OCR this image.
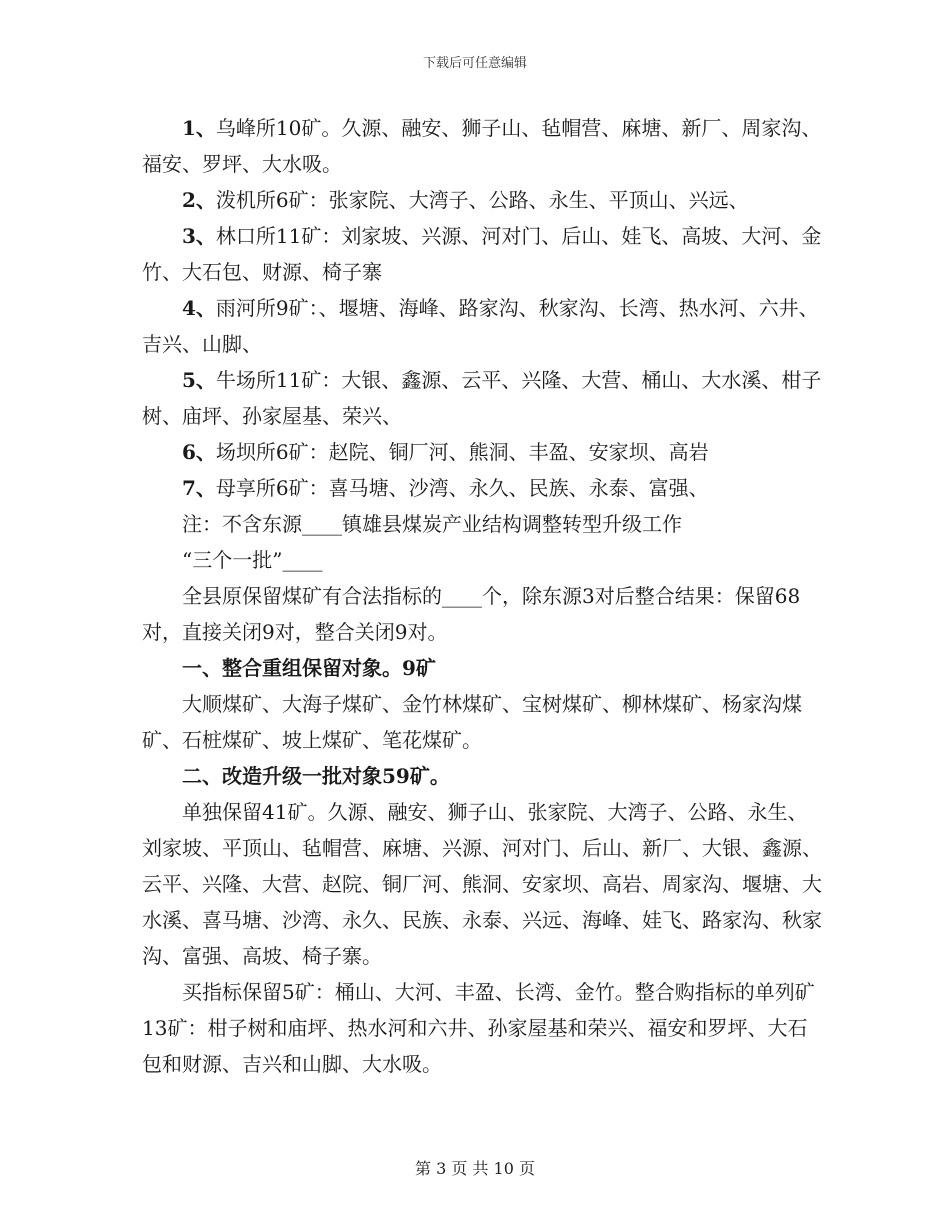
下载后可任意编辑

1、乌峰所10矿。久源、融安、狮子山、毡帽营、麻塘、新厂、周家沟、福安、罗坪、大水吸。

2、泼机所6矿：张家院、大湾子、公路、永生、平顶山、兴远、

3、林口所11矿：刘家坡、兴源、河对门、后山、娃飞、高坡、大河、金竹、大石包、财源、椅子寨

4、雨河所9矿：、堰塘、海峰、路家沟、秋家沟、长湾、热水河、六井、吉兴、山脚、

5、牛场所11矿：大银、鑫源、云平、兴隆、大营、桶山、大水溪、柑子树、庙坪、孙家屋基、荣兴、

6、场坝所6矿：赵院、铜厂河、熊洞、丰盈、安家坝、高岩

7、母享所6矿：喜马塘、沙湾、永久、民族、永泰、富强、

注：不含东源____镇雄县煤炭产业结构调整转型升级工作

“三个一批”____

全县原保留煤矿有合法指标的____个，除东源3对后整合结果：保留68对，直接关闭9对，整合关闭9对。

一、整合重组保留对象。9矿

大顺煤矿、大海子煤矿、金竹林煤矿、宝树煤矿、柳林煤矿、杨家沟煤矿、石桩煤矿、坡上煤矿、笔花煤矿。

二、改造升级一批对象59矿。

单独保留41矿。久源、融安、狮子山、张家院、大湾子、公路、永生、刘家坡、平顶山、毡帽营、麻塘、兴源、河对门、后山、新厂、大银、鑫源、云平、兴隆、大营、赵院、铜厂河、熊洞、安家坝、高岩、周家沟、堰塘、大水溪、喜马塘、沙湾、永久、民族、永泰、兴远、海峰、娃飞、路家沟、秋家沟、富强、高坡、椅子寨。

买指标保留5矿：桶山、大河、丰盈、长湾、金竹。整合购指标的单列矿13矿：柑子树和庙坪、热水河和六井、孙家屋基和荣兴、福安和罗坪、大石包和财源、吉兴和山脚、大水吸。

第 3 页 共 10 页
